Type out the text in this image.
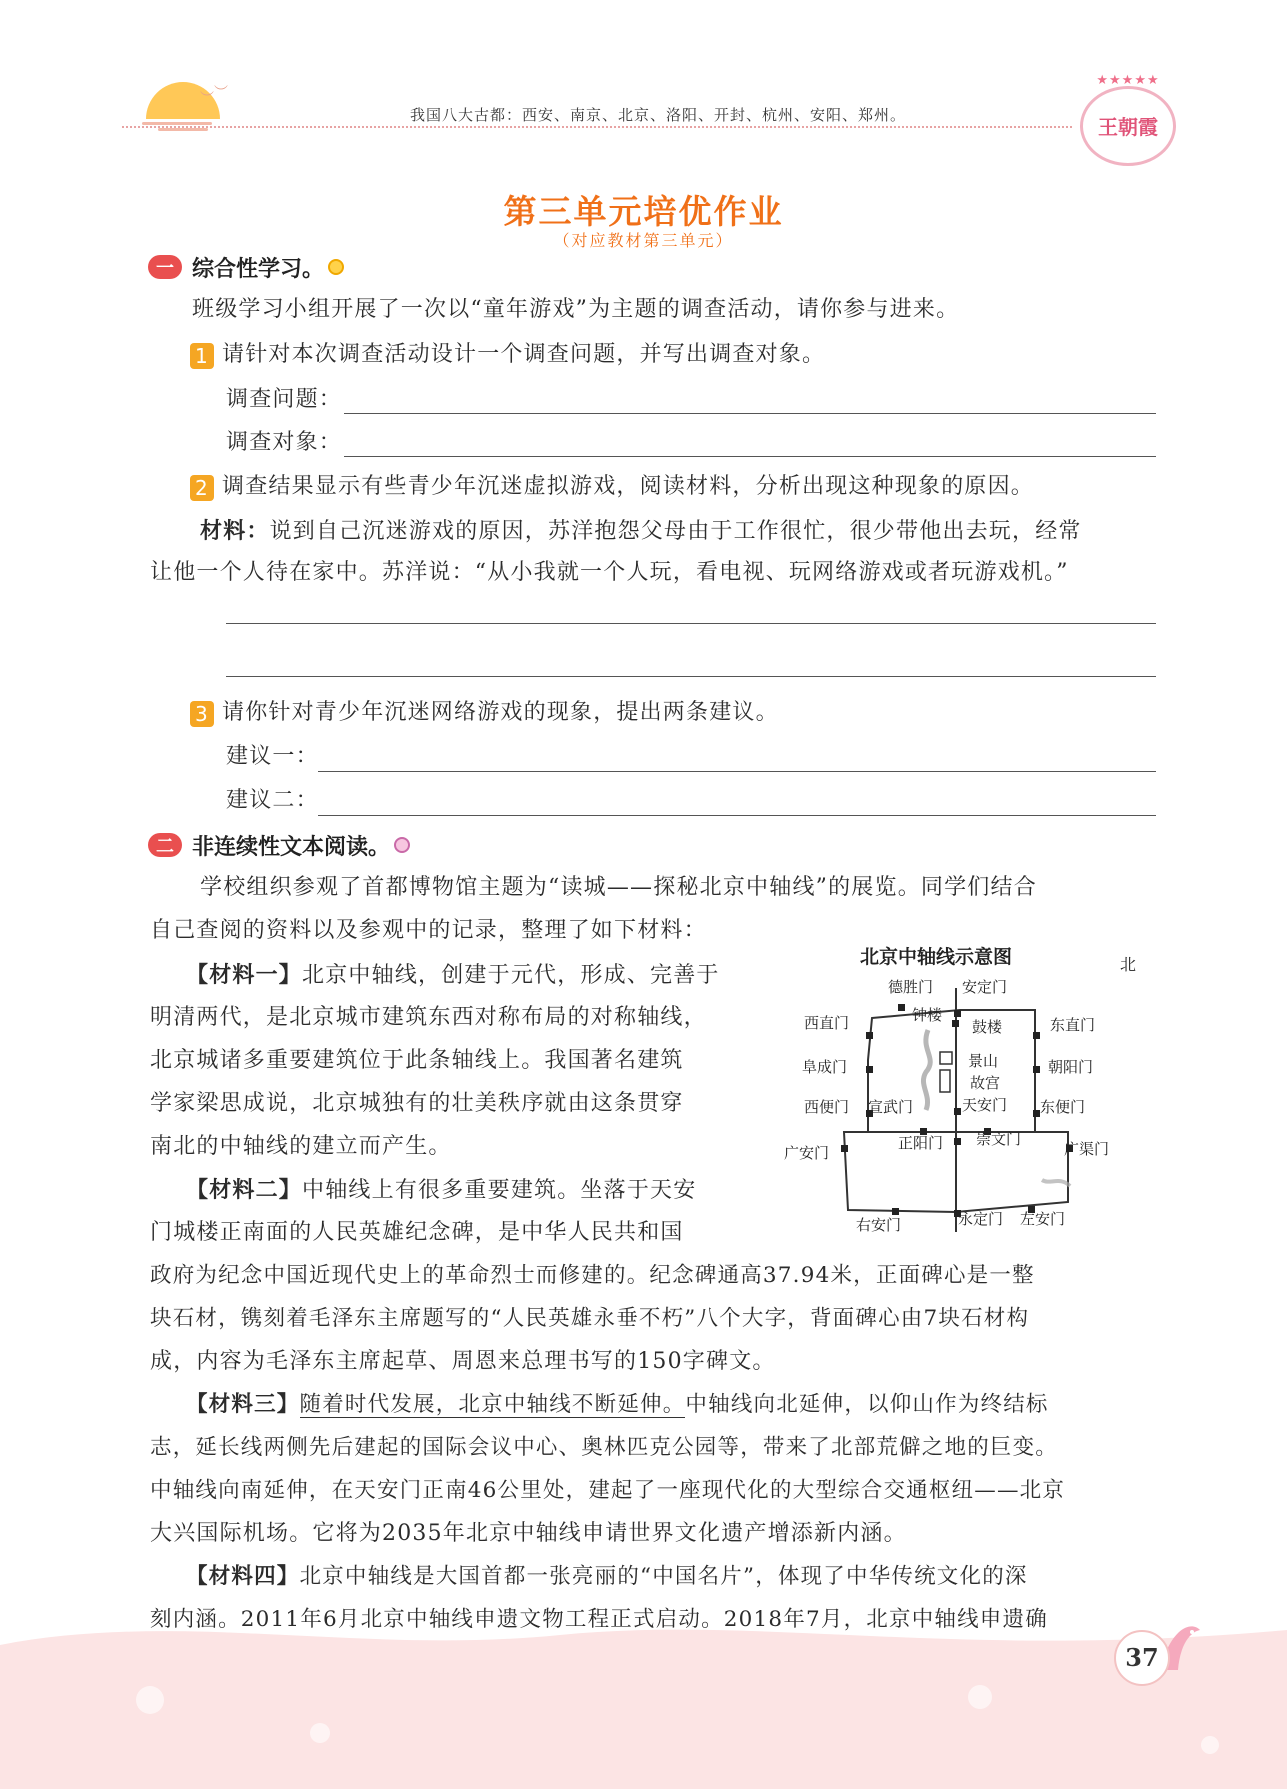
︶ ︶
我国八大古都：西安、南京、北京、洛阳、开封、杭州、安阳、郑州。
★★★★★
王朝霞
第三单元培优作业
（对应教材第三单元）
一 综合性学习。
班级学习小组开展了一次以“童年游戏”为主题的调查活动，请你参与进来。
1 请针对本次调查活动设计一个调查问题，并写出调查对象。
调查问题：
调查对象：
2 调查结果显示有些青少年沉迷虚拟游戏，阅读材料，分析出现这种现象的原因。
材料：说到自己沉迷游戏的原因，苏洋抱怨父母由于工作很忙，很少带他出去玩，经常
让他一个人待在家中。苏洋说：“从小我就一个人玩，看电视、玩网络游戏或者玩游戏机。”
3 请你针对青少年沉迷网络游戏的现象，提出两条建议。
建议一：
建议二：
二 非连续性文本阅读。
学校组织参观了首都博物馆主题为“读城——探秘北京中轴线”的展览。同学们结合
自己查阅的资料以及参观中的记录，整理了如下材料：
【材料一】北京中轴线，创建于元代，形成、完善于
明清两代，是北京城市建筑东西对称布局的对称轴线，
北京城诸多重要建筑位于此条轴线上。我国著名建筑
学家梁思成说，北京城独有的壮美秩序就由这条贯穿
南北的中轴线的建立而产生。
【材料二】中轴线上有很多重要建筑。坐落于天安
门城楼正南面的人民英雄纪念碑，是中华人民共和国
政府为纪念中国近现代史上的革命烈士而修建的。纪念碑通高37.94米，正面碑心是一整
块石材，镌刻着毛泽东主席题写的“人民英雄永垂不朽”八个大字，背面碑心由7块石材构
成，内容为毛泽东主席起草、周恩来总理书写的150字碑文。
【材料三】随着时代发展，北京中轴线不断延伸。中轴线向北延伸，以仰山作为终结标
志，延长线两侧先后建起的国际会议中心、奥林匹克公园等，带来了北部荒僻之地的巨变。
中轴线向南延伸，在天安门正南46公里处，建起了一座现代化的大型综合交通枢纽——北京
大兴国际机场。它将为2035年北京中轴线申请世界文化遗产增添新内涵。
【材料四】北京中轴线是大国首都一张亮丽的“中国名片”，体现了中华传统文化的深
刻内涵。2011年6月北京中轴线申遗文物工程正式启动。2018年7月，北京中轴线申遗确
北京中轴线示意图	北
德胜门 安定门
西直门	钟楼
鼓楼	东直门
阜成门	景山
故宫
朝阳门
西便门 宣武门	天安门 东便门
广安门
正阳门 崇文门
广渠门
右安门	永定门 左安门
37
